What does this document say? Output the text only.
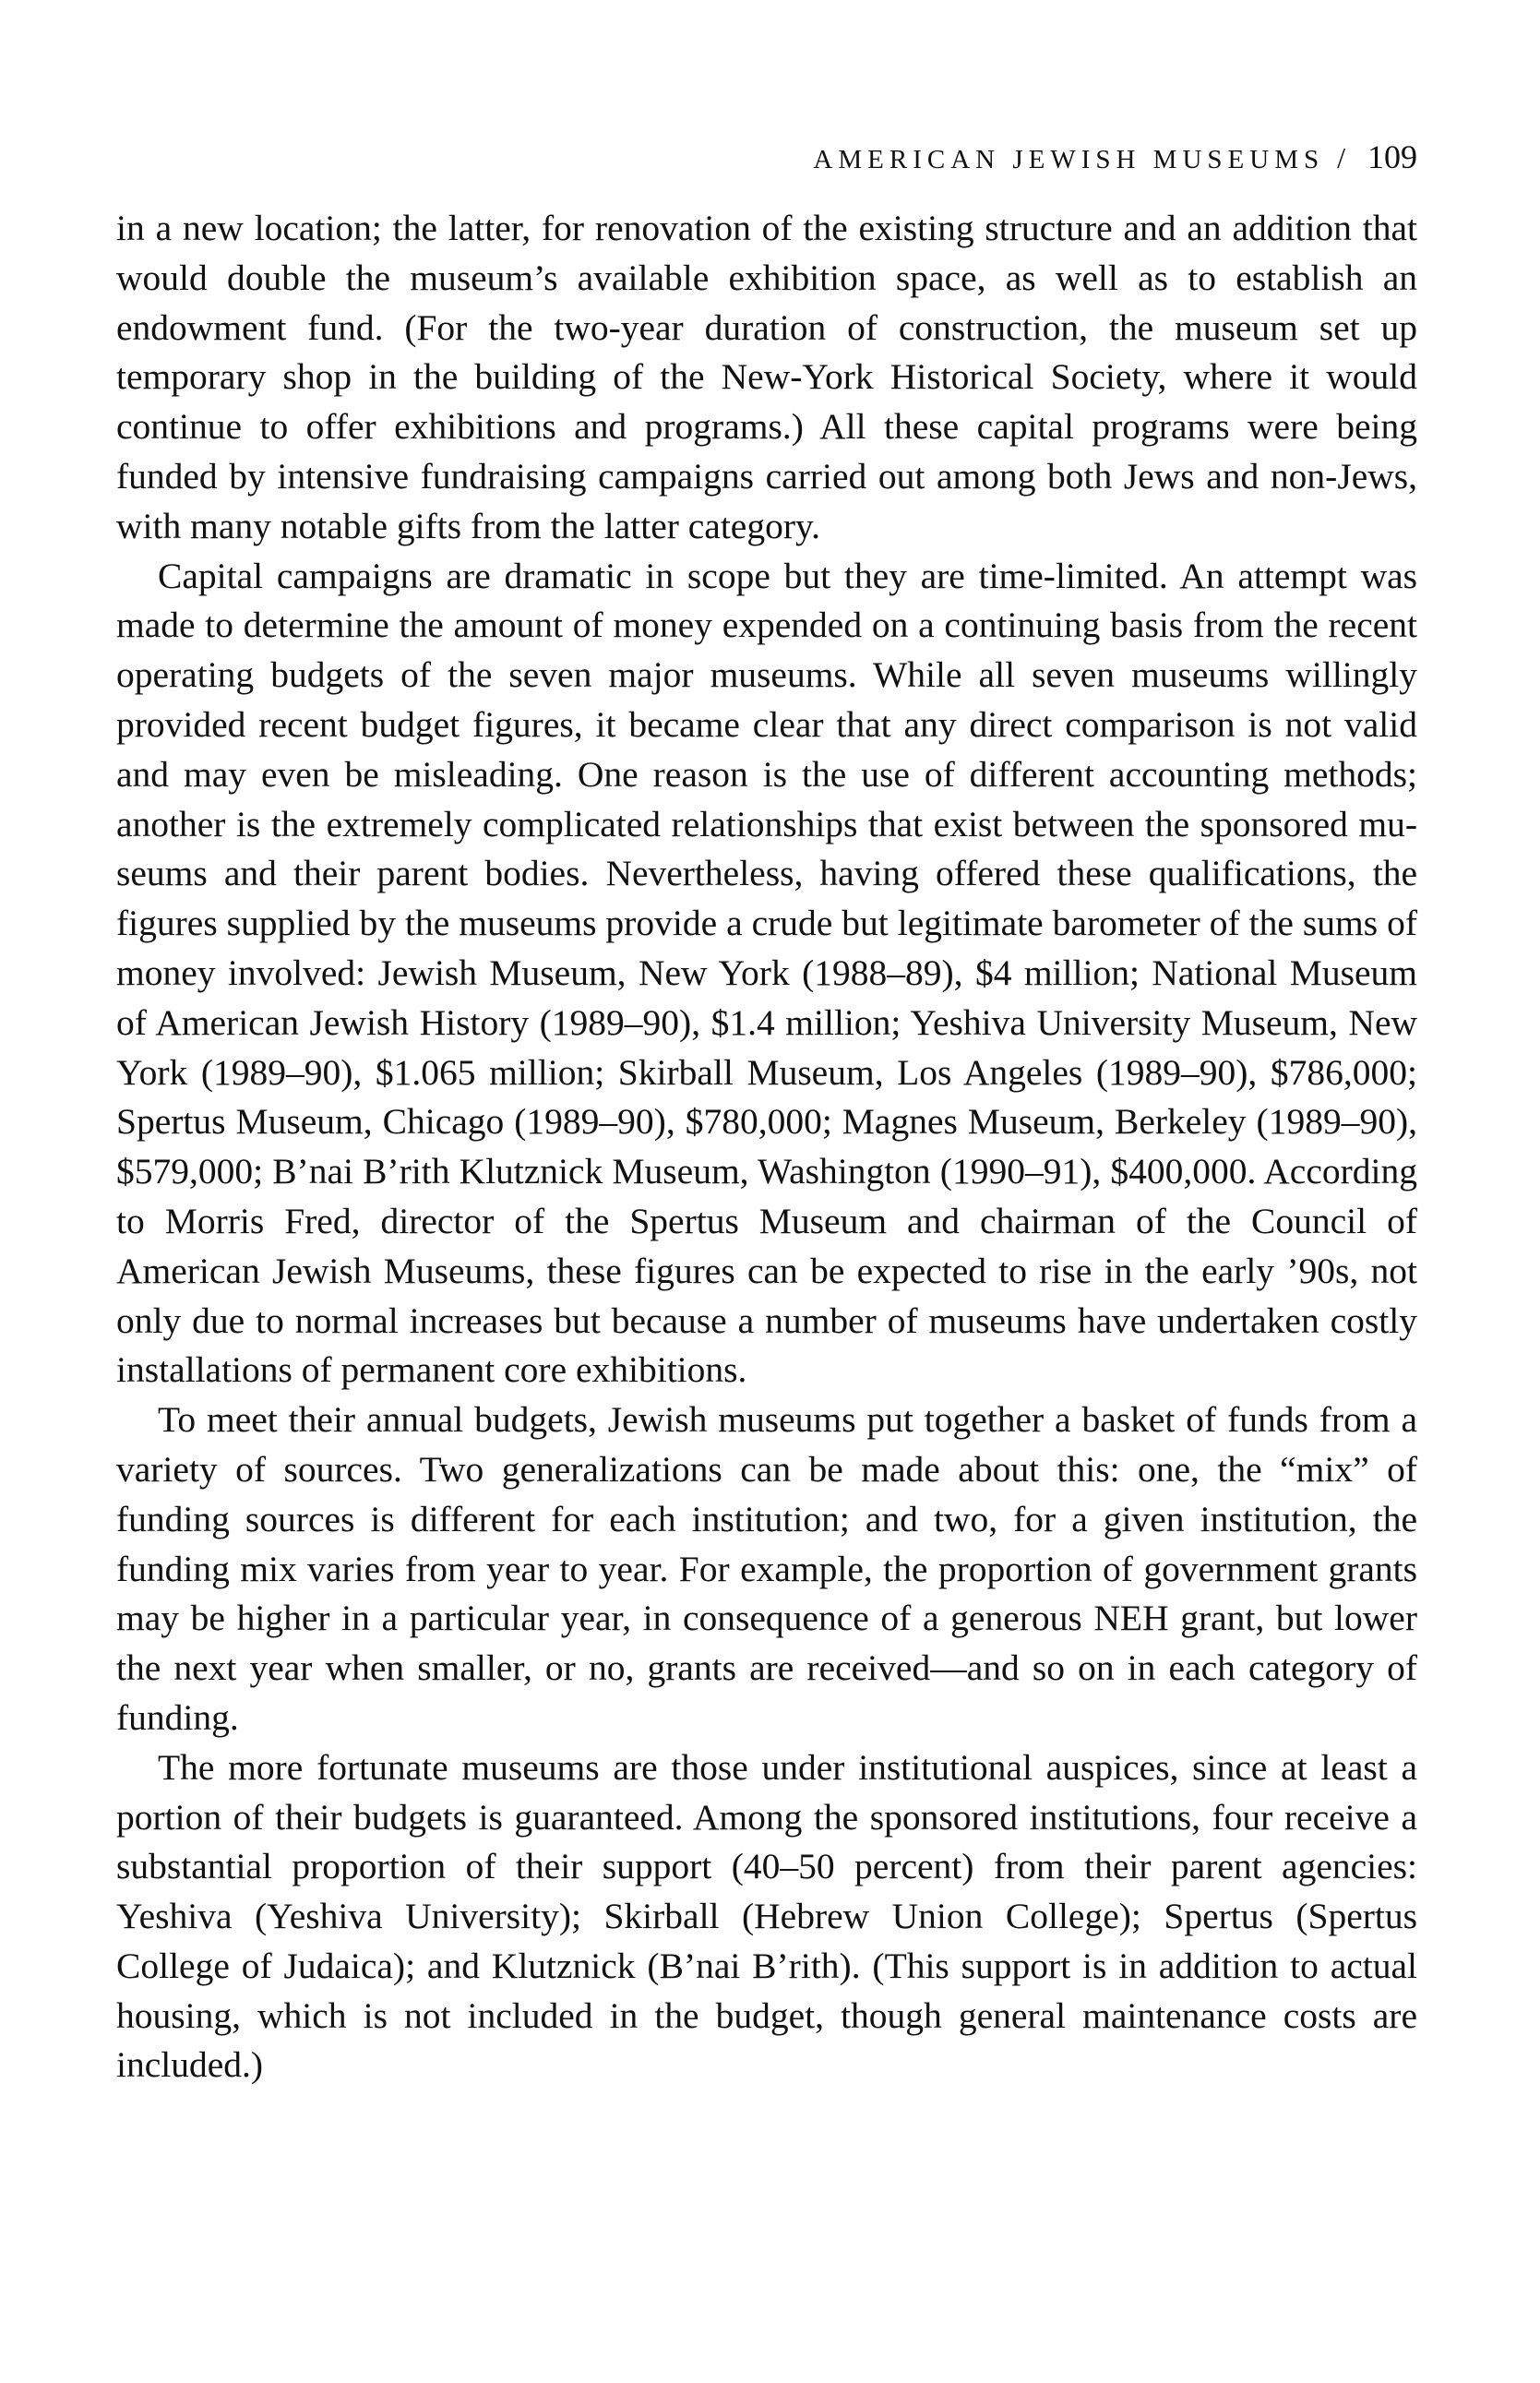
AMERICAN JEWISH MUSEUMS / 109

in a new location; the latter, for renovation of the existing structure and an addition that would double the museum’s available exhibition space, as well as to establish an endowment fund. (For the two-year duration of construction, the museum set up temporary shop in the building of the New-York Historical Society, where it would continue to offer exhibitions and programs.) All these capital programs were being funded by intensive fundraising campaigns carried out among both Jews and non-Jews, with many notable gifts from the latter category.

Capital campaigns are dramatic in scope but they are time-limited. An attempt was made to determine the amount of money expended on a continuing basis from the recent operating budgets of the seven major museums. While all seven museums willingly provided recent budget figures, it became clear that any direct comparison is not valid and may even be misleading. One reason is the use of different accounting methods; another is the extremely complicated relationships that exist between the sponsored museums and their parent bodies. Nevertheless, having offered these qualifications, the figures supplied by the museums provide a crude but legitimate barometer of the sums of money involved: Jewish Museum, New York (1988–89), $4 million; National Museum of American Jewish History (1989–90), $1.4 million; Yeshiva University Museum, New York (1989–90), $1.065 million; Skirball Museum, Los Angeles (1989–90), $786,000; Spertus Museum, Chicago (1989–90), $780,000; Magnes Museum, Berkeley (1989–90), $579,000; B’nai B’rith Klutznick Museum, Washington (1990–91), $400,000. According to Morris Fred, director of the Spertus Museum and chairman of the Council of American Jewish Museums, these figures can be expected to rise in the early ’90s, not only due to normal increases but because a number of museums have undertaken costly installations of permanent core exhibitions.

To meet their annual budgets, Jewish museums put together a basket of funds from a variety of sources. Two generalizations can be made about this: one, the “mix” of funding sources is different for each institution; and two, for a given institution, the funding mix varies from year to year. For example, the proportion of government grants may be higher in a particular year, in consequence of a generous NEH grant, but lower the next year when smaller, or no, grants are received—and so on in each category of funding.

The more fortunate museums are those under institutional auspices, since at least a portion of their budgets is guaranteed. Among the sponsored institutions, four receive a substantial proportion of their support (40–50 percent) from their parent agencies: Yeshiva (Yeshiva University); Skirball (Hebrew Union College); Spertus (Spertus College of Judaica); and Klutznick (B’nai B’rith). (This support is in addition to actual housing, which is not included in the budget, though general maintenance costs are included.)
